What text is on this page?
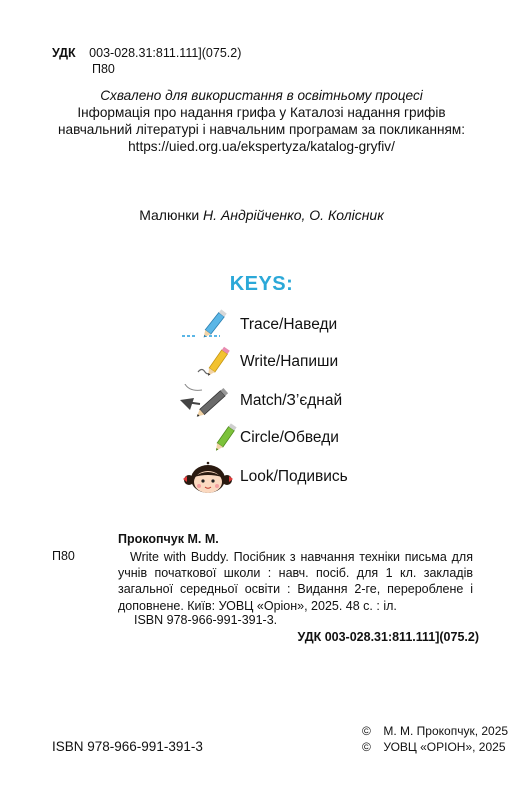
УДК 003-028.31:811.111](075.2)
П80
Схвалено для використання в освітньому процесі
Інформація про надання грифа у Каталозі надання грифів
навчальний літературі і навчальним програмам за покликанням:
https://uied.org.ua/ekspertyza/katalog-gryfiv/
Малюнки Н. Андрійченко, О. Колісник
KEYS:
Trace/Наведи
Write/Напиши
Match/З’єднай
Circle/Обведи
Look/Подивись
Прокопчук М. М.
П80	Write with Buddy. Посібник з навчання техніки письма для учнів початкової школи : навч. посіб. для 1 кл. закладів загальної середньої освіти : Видання 2-ге, перероблене і доповнене. Київ: УОВЦ «Оріон», 2025. 48 с. : іл.
ISBN 978-966-991-391-3.
УДК 003-028.31:811.111](075.2)
ISBN 978-966-991-391-3
© М. М. Прокопчук, 2025
© УОВЦ «ОРІОН», 2025
